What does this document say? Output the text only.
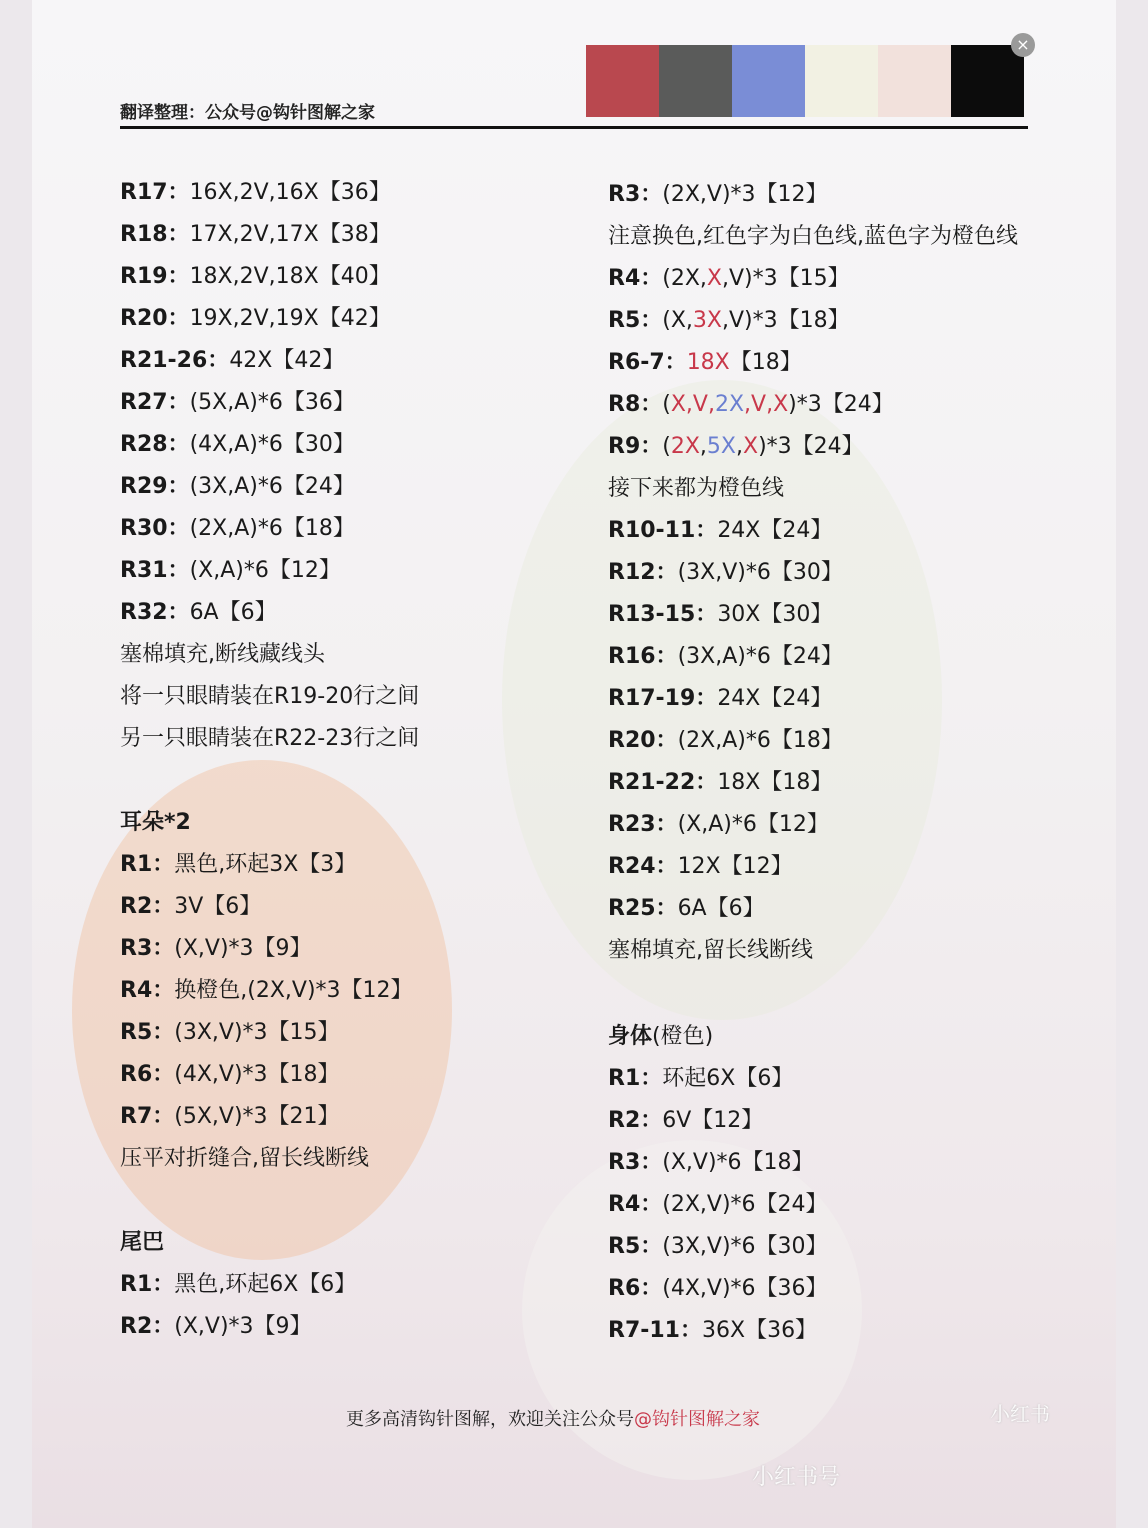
翻译整理：公众号@钩针图解之家
×
R17：16X,2V,16X【36】
R18：17X,2V,17X【38】
R19：18X,2V,18X【40】
R20：19X,2V,19X【42】
R21-26：42X【42】
R27：(5X,A)*6【36】
R28：(4X,A)*6【30】
R29：(3X,A)*6【24】
R30：(2X,A)*6【18】
R31：(X,A)*6【12】
R32：6A【6】
塞棉填充,断线藏线头
将一只眼睛装在R19-20行之间
另一只眼睛装在R22-23行之间
耳朵*2
R1：黑色,环起3X【3】
R2：3V【6】
R3：(X,V)*3【9】
R4：换橙色,(2X,V)*3【12】
R5：(3X,V)*3【15】
R6：(4X,V)*3【18】
R7：(5X,V)*3【21】
压平对折缝合,留长线断线
尾巴
R1：黑色,环起6X【6】
R2：(X,V)*3【9】
R3：(2X,V)*3【12】
注意换色,红色字为白色线,蓝色字为橙色线
R4：(2X,X,V)*3【15】
R5：(X,3X,V)*3【18】
R6-7：18X【18】
R8：(X,V,2X,V,X)*3【24】
R9：(2X,5X,X)*3【24】
接下来都为橙色线
R10-11：24X【24】
R12：(3X,V)*6【30】
R13-15：30X【30】
R16：(3X,A)*6【24】
R17-19：24X【24】
R20：(2X,A)*6【18】
R21-22：18X【18】
R23：(X,A)*6【12】
R24：12X【12】
R25：6A【6】
塞棉填充,留长线断线
身体(橙色)
R1：环起6X【6】
R2：6V【12】
R3：(X,V)*6【18】
R4：(2X,V)*6【24】
R5：(3X,V)*6【30】
R6：(4X,V)*6【36】
R7-11：36X【36】
更多高清钩针图解，欢迎关注公众号@钩针图解之家
小红书号
小红书
